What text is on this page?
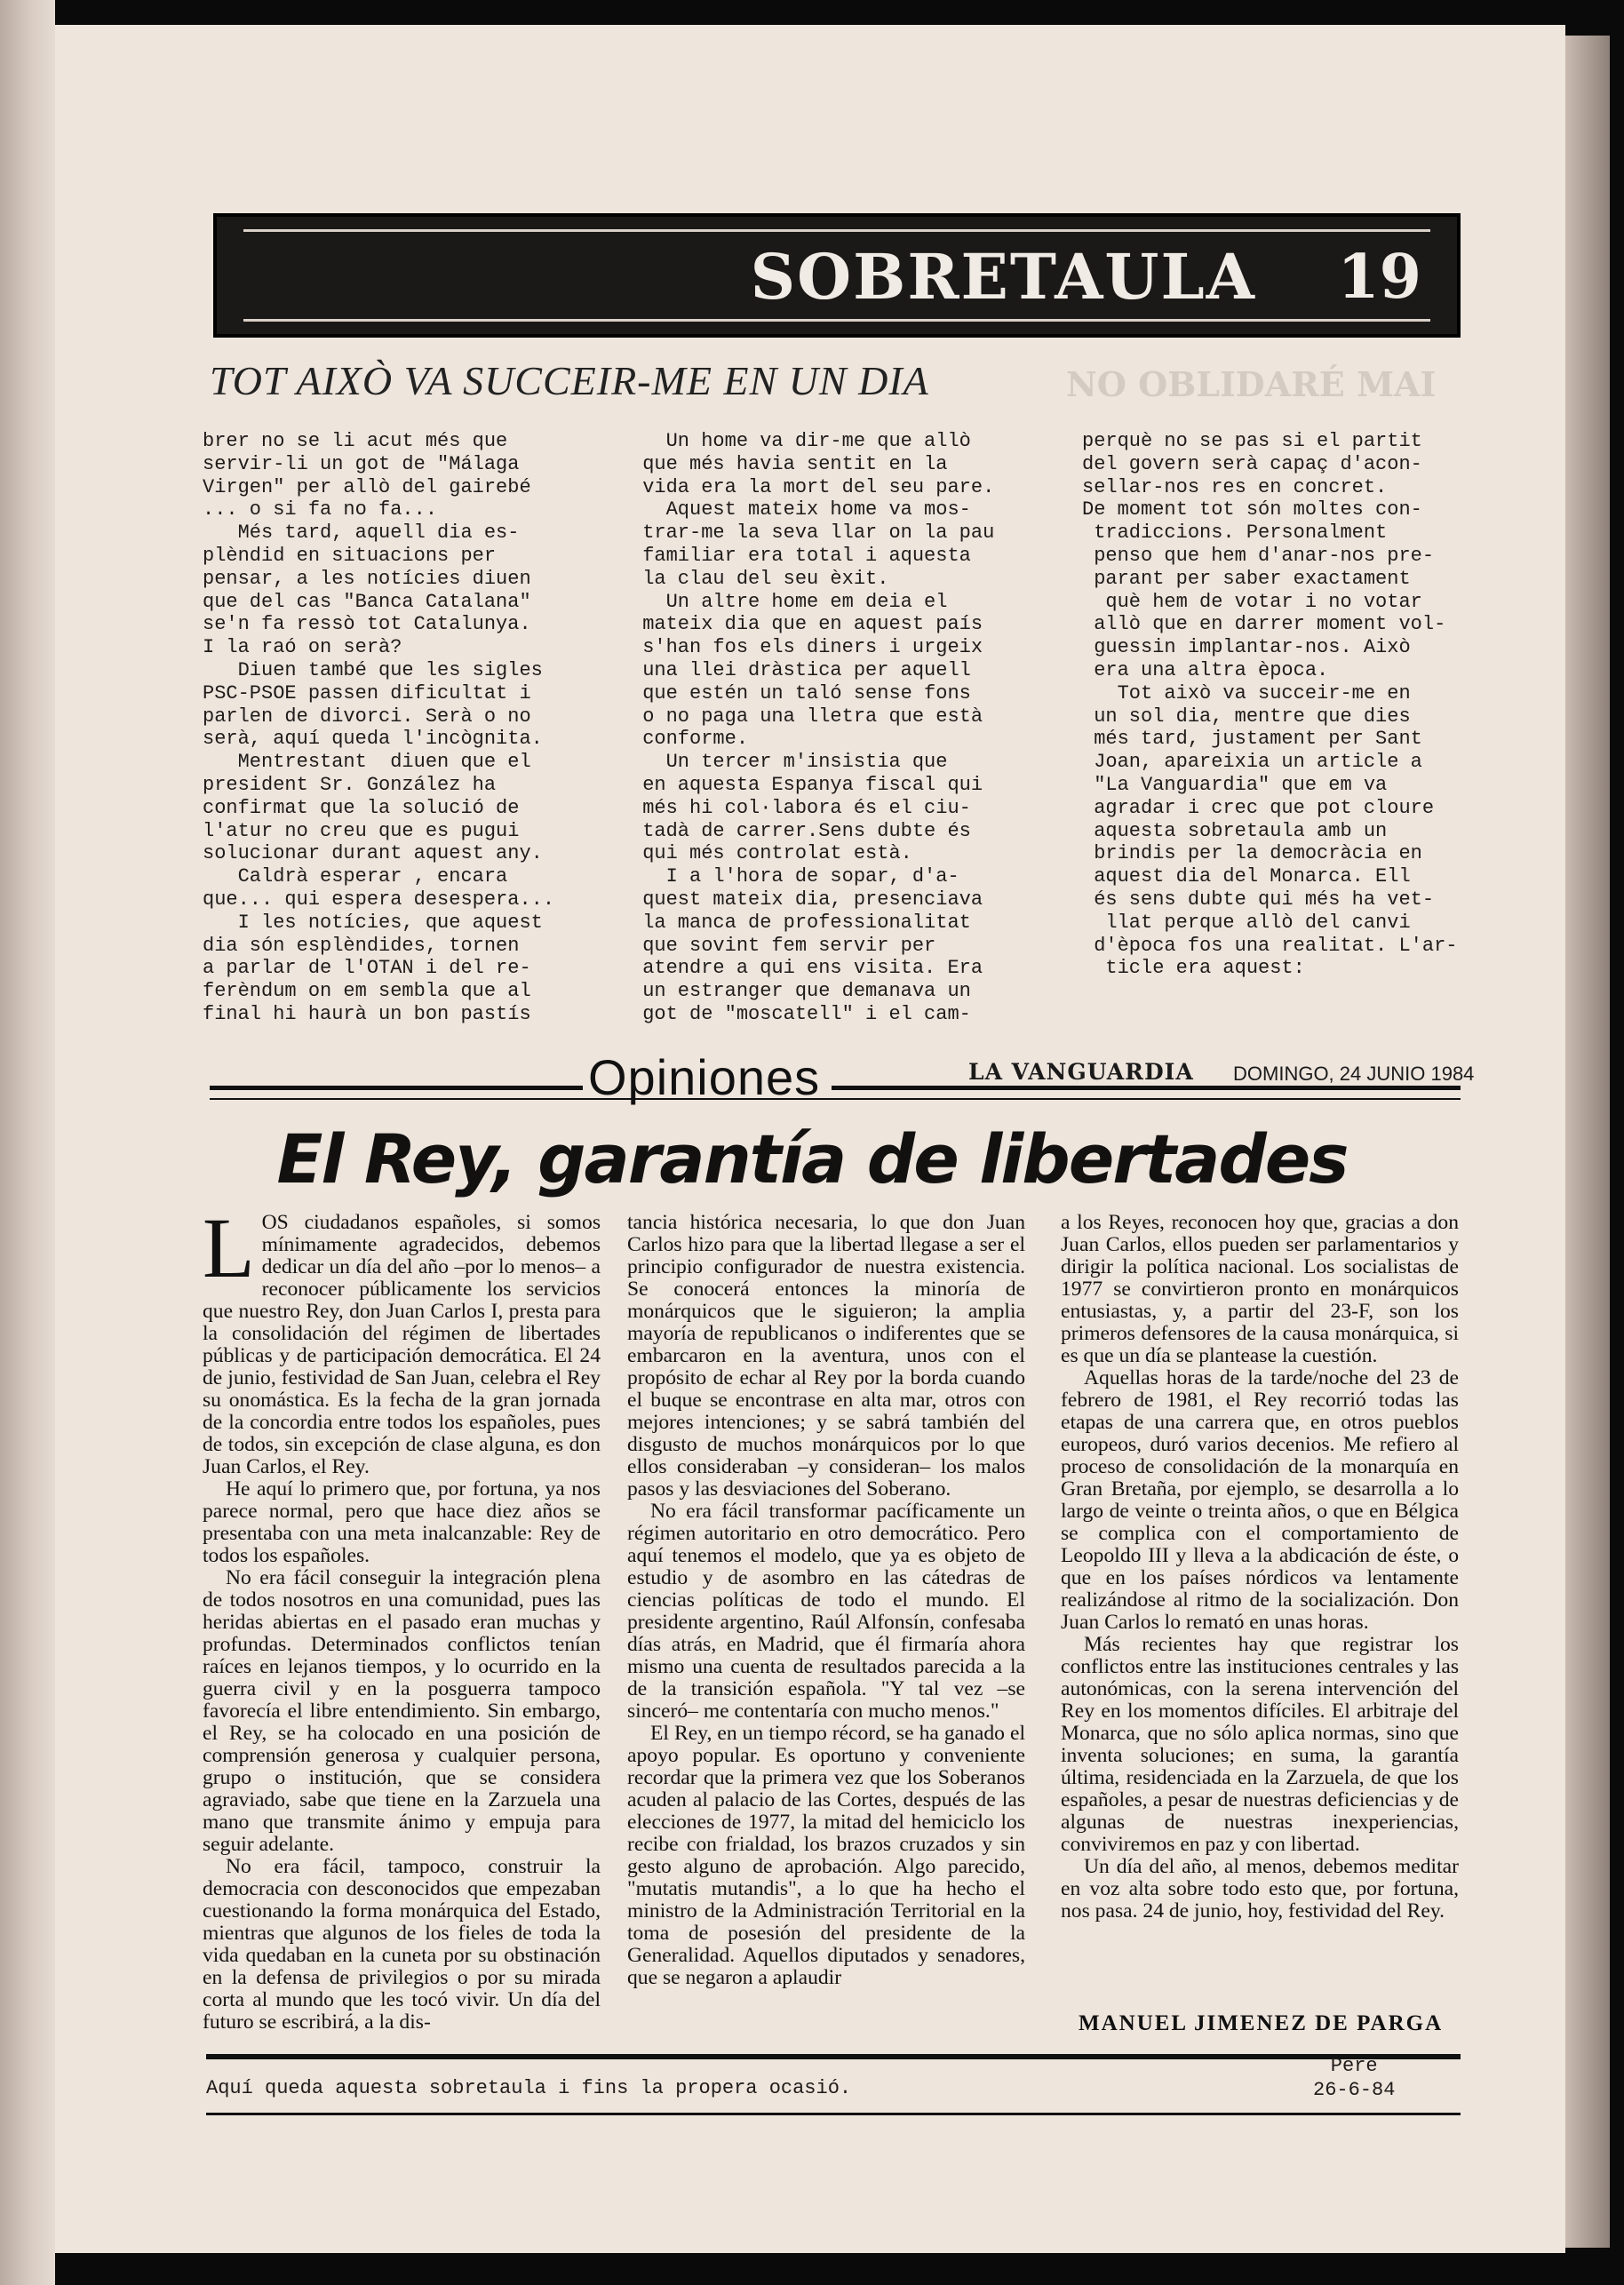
SOBRETAULA 19
NO OBLIDARÉ MAI
TOT AIXÒ VA SUCCEIR-ME EN UN DIA
brer no se li acut més que
servir-li un got de "Málaga
Virgen" per allò del gairebé
... o si fa no fa...
Més tard, aquell dia es-
plèndid en situacions per
pensar, a les notícies diuen
que del cas "Banca Catalana"
se'n fa ressò tot Catalunya.
I la raó on serà?
Diuen també que les sigles
PSC-PSOE passen dificultat i
parlen de divorci. Serà o no
serà, aquí queda l'incògnita.
Mentrestant  diuen que el
president Sr. González ha
confirmat que la solució de
l'atur no creu que es pugui
solucionar durant aquest any.
Caldrà esperar , encara
que... qui espera desespera...
I les notícies, que aquest
dia són esplèndides, tornen
a parlar de l'OTAN i del re-
ferèndum on em sembla que al
final hi haurà un bon pastís
Un home va dir-me que allò
que més havia sentit en la
vida era la mort del seu pare.
Aquest mateix home va mos-
trar-me la seva llar on la pau
familiar era total i aquesta
la clau del seu èxit.
Un altre home em deia el
mateix dia que en aquest país
s'han fos els diners i urgeix
una llei dràstica per aquell
que estén un taló sense fons
o no paga una lletra que està
conforme.
Un tercer m'insistia que
en aquesta Espanya fiscal qui
més hi col·labora és el ciu-
tadà de carrer.Sens dubte és
qui més controlat està.
I a l'hora de sopar, d'a-
quest mateix dia, presenciava
la manca de professionalitat
que sovint fem servir per
atendre a qui ens visita. Era
un estranger que demanava un
got de "moscatell" i el cam-
perquè no se pas si el partit
del govern serà capaç d'acon-
sellar-nos res en concret.
De moment tot són moltes con-
tradiccions. Personalment
penso que hem d'anar-nos pre-
parant per saber exactament
què hem de votar i no votar
allò que en darrer moment vol-
guessin implantar-nos. Això
era una altra època.
Tot això va succeir-me en
un sol dia, mentre que dies
més tard, justament per Sant
Joan, apareixia un article a
"La Vanguardia" que em va
agradar i crec que pot cloure
aquesta sobretaula amb un
brindis per la democràcia en
aquest dia del Monarca. Ell
és sens dubte qui més ha vet-
llat perque allò del canvi
d'època fos una realitat. L'ar-
ticle era aquest:
Opiniones	LA VANGUARDIA DOMINGO, 24 JUNIO 1984
El Rey, garantía de libertades
L OS ciudadanos españoles, si somos mínimamente agradecidos, debemos dedicar un día del año –por lo menos– a reconocer públicamente los servicios que nuestro Rey, don Juan Carlos I, presta para la consolidación del régimen de libertades públicas y de participación democrática. El 24 de junio, festividad de San Juan, celebra el Rey su onomástica. Es la fecha de la gran jornada de la concordia entre todos los españoles, pues de todos, sin excepción de clase alguna, es don Juan Carlos, el Rey.

He aquí lo primero que, por fortuna, ya nos parece normal, pero que hace diez años se presentaba con una meta inalcanzable: Rey de todos los españoles.

No era fácil conseguir la integración plena de todos nosotros en una comunidad, pues las heridas abiertas en el pasado eran muchas y profundas. Determinados conflictos tenían raíces en lejanos tiempos, y lo ocurrido en la guerra civil y en la posguerra tampoco favorecía el libre entendimiento. Sin embargo, el Rey, se ha colocado en una posición de comprensión generosa y cualquier persona, grupo o institución, que se considera agraviado, sabe que tiene en la Zarzuela una mano que transmite ánimo y empuja para seguir adelante.

No era fácil, tampoco, construir la democracia con desconocidos que empezaban cuestionando la forma monárquica del Estado, mientras que algunos de los fieles de toda la vida quedaban en la cuneta por su obstinación en la defensa de privilegios o por su mirada corta al mundo que les tocó vivir. Un día del futuro se escribirá, a la dis-

tancia histórica necesaria, lo que don Juan Carlos hizo para que la libertad llegase a ser el principio configurador de nuestra existencia. Se conocerá entonces la minoría de monárquicos que le siguieron; la amplia mayoría de republicanos o indiferentes que se embarcaron en la aventura, unos con el propósito de echar al Rey por la borda cuando el buque se encontrase en alta mar, otros con mejores intenciones; y se sabrá también del disgusto de muchos monárquicos por lo que ellos consideraban –y consideran– los malos pasos y las desviaciones del Soberano.

No era fácil transformar pacíficamente un régimen autoritario en otro democrático. Pero aquí tenemos el modelo, que ya es objeto de estudio y de asombro en las cátedras de ciencias políticas de todo el mundo. El presidente argentino, Raúl Alfonsín, confesaba días atrás, en Madrid, que él firmaría ahora mismo una cuenta de resultados parecida a la de la transición española. "Y tal vez –se sinceró– me contentaría con mucho menos."

El Rey, en un tiempo récord, se ha ganado el apoyo popular. Es oportuno y conveniente recordar que la primera vez que los Soberanos acuden al palacio de las Cortes, después de las elecciones de 1977, la mitad del hemiciclo los recibe con frialdad, los brazos cruzados y sin gesto alguno de aprobación. Algo parecido, "mutatis mutandis", a lo que ha hecho el ministro de la Administración Territorial en la toma de posesión del presidente de la Generalidad. Aquellos diputados y senadores, que se negaron a aplaudir

a los Reyes, reconocen hoy que, gracias a don Juan Carlos, ellos pueden ser parlamentarios y dirigir la política nacional. Los socialistas de 1977 se convirtieron pronto en monárquicos entusiastas, y, a partir del 23-F, son los primeros defensores de la causa monárquica, si es que un día se plantease la cuestión.

Aquellas horas de la tarde/noche del 23 de febrero de 1981, el Rey recorrió todas las etapas de una carrera que, en otros pueblos europeos, duró varios decenios. Me refiero al proceso de consolidación de la monarquía en Gran Bretaña, por ejemplo, se desarrolla a lo largo de veinte o treinta años, o que en Bélgica se complica con el comportamiento de Leopoldo III y lleva a la abdicación de éste, o que en los países nórdicos va lentamente realizándose al ritmo de la socialización. Don Juan Carlos lo remató en unas horas.

Más recientes hay que registrar los conflictos entre las instituciones centrales y las autonómicas, con la serena intervención del Rey en los momentos difíciles. El arbitraje del Monarca, que no sólo aplica normas, sino que inventa soluciones; en suma, la garantía última, residenciada en la Zarzuela, de que los españoles, a pesar de nuestras deficiencias y de algunas de nuestras inexperiencias, conviviremos en paz y con libertad.

Un día del año, al menos, debemos meditar en voz alta sobre todo esto que, por fortuna, nos pasa. 24 de junio, hoy, festividad del Rey.

MANUEL JIMENEZ DE PARGA
Aquí queda aquesta sobretaula i fins la propera ocasió.
Pere
26-6-84
